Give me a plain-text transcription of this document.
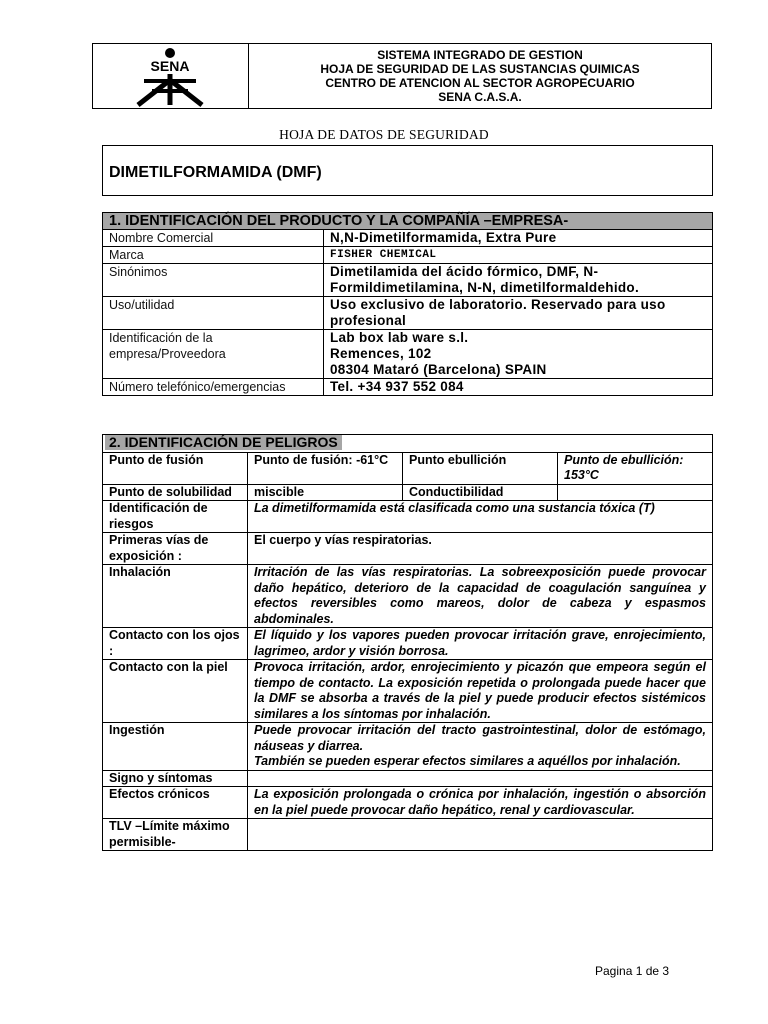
SENA
SISTEMA INTEGRADO DE GESTION
HOJA DE SEGURIDAD DE LAS SUSTANCIAS QUIMICAS
CENTRO DE ATENCION AL SECTOR AGROPECUARIO
SENA C.A.S.A.
HOJA DE DATOS DE SEGURIDAD
DIMETILFORMAMIDA (DMF)
1. IDENTIFICACIÓN DEL PRODUCTO Y LA COMPAÑÍA –EMPRESA-	
Nombre Comercial	N,N-Dimetilformamida, Extra Pure

Marca	FISHER CHEMICAL

Sinónimos	Dimetilamida del ácido fórmico, DMF, N-
Formildimetilamina, N-N, dimetilformaldehido.

Uso/utilidad	Uso exclusivo de laboratorio. Reservado para uso
profesional

Identificación de la empresa/Proveedora	Lab box lab ware s.l.
Remences, 102
08304 Mataró (Barcelona) SPAIN

Número telefónico/emergencias	Tel. +34 937 552 084
2. IDENTIFICACIÓN DE PELIGROS			
Punto de fusión	Punto de fusión: -61°C	Punto ebullición	Punto de ebullición: 153°C
Punto de solubilidad	miscible	Conductibilidad	
Identificación de riesgos	La dimetilformamida está clasificada como una sustancia tóxica (T)		
Primeras vías de exposición :	El cuerpo y vías respiratorias.		
Inhalación	Irritación de las vías respiratorias. La sobreexposición puede provocar daño hepático, deterioro de la capacidad de coagulación sanguínea y efectos reversibles como mareos, dolor de cabeza y espasmos abdominales.		
Contacto con los ojos :	El líquido y los vapores pueden provocar irritación grave, enrojecimiento, lagrimeo, ardor y visión borrosa.		
Contacto con la piel	Provoca irritación, ardor, enrojecimiento y picazón que empeora según el tiempo de contacto. La exposición repetida o prolongada puede hacer que la DMF se absorba a través de la piel y puede producir efectos sistémicos similares a los síntomas por inhalación.		
Ingestión	Puede provocar irritación del tracto gastrointestinal, dolor de estómago, náuseas y diarrea.
También se pueden esperar efectos similares a aquéllos por inhalación.		
Signo y síntomas			
Efectos crónicos	La exposición prolongada o crónica por inhalación, ingestión o absorción en la piel puede provocar daño hepático, renal y cardiovascular.		
TLV –Límite máximo permisible-			
Pagina 1 de 3
